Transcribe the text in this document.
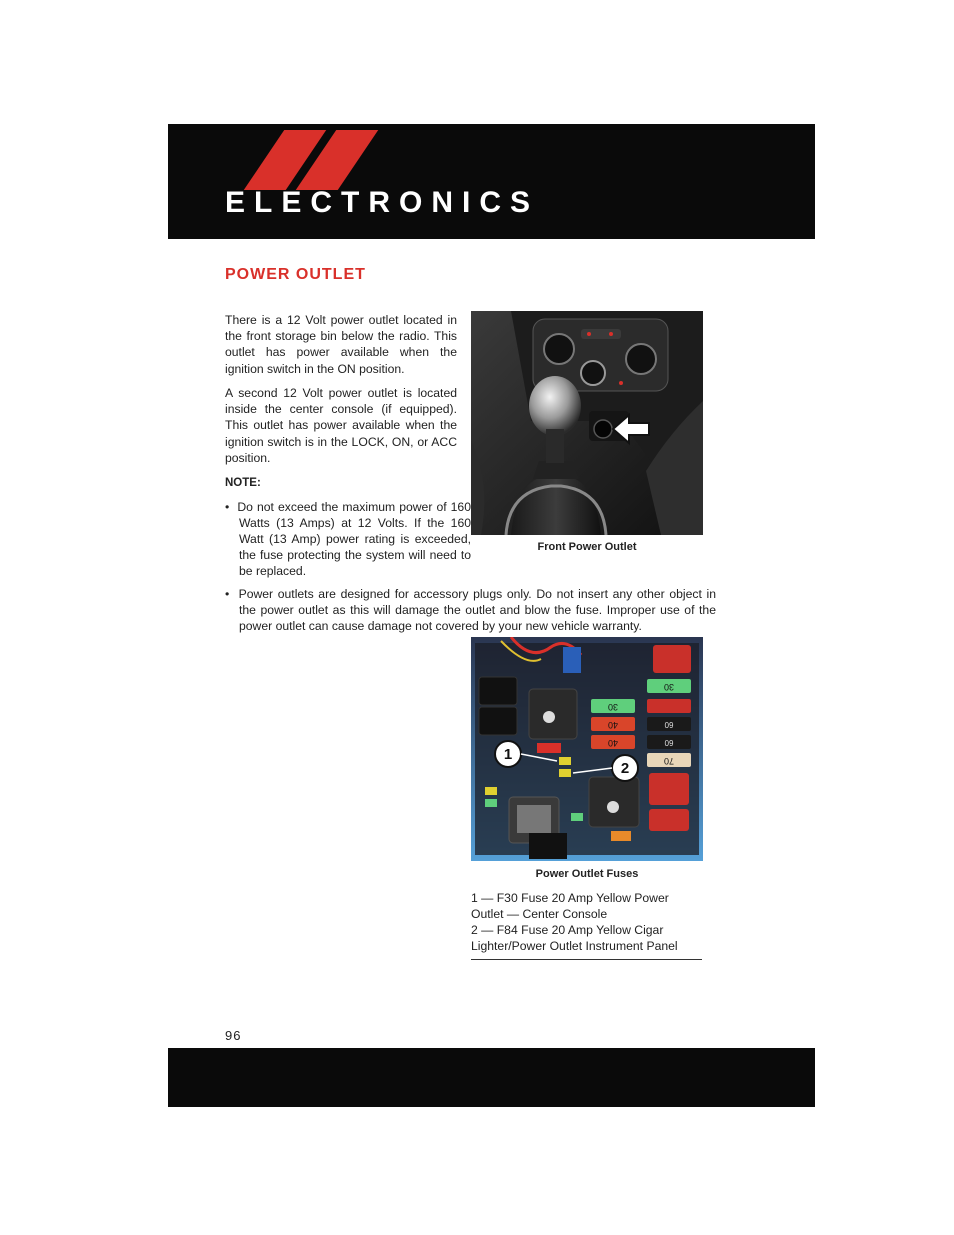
ELECTRONICS
POWER OUTLET

There is a 12 Volt power outlet located in the front storage bin below the radio. This outlet has power available when the ignition switch in the ON position.

A second 12 Volt power outlet is located inside the center console (if equipped). This outlet has power available when the ignition switch is in the LOCK, ON, or ACC position.

NOTE:

•  Do not exceed the maximum power of 160 Watts (13 Amps) at 12 Volts. If the 160 Watt (13 Amp) power rating is exceeded, the fuse protecting the system will need to be replaced.

•  Power outlets are designed for accessory plugs only. Do not insert any other object in the power outlet as this will damage the outlet and blow the fuse. Improper use of the power outlet can cause damage not covered by your new vehicle warranty.

Front Power Outlet
30
30
40	60
40	60
70
1
2
Power Outlet Fuses
1 — F30 Fuse 20 Amp Yellow Power Outlet — Center Console
2 — F84 Fuse 20 Amp Yellow Cigar Lighter/Power Outlet Instrument Panel
96
